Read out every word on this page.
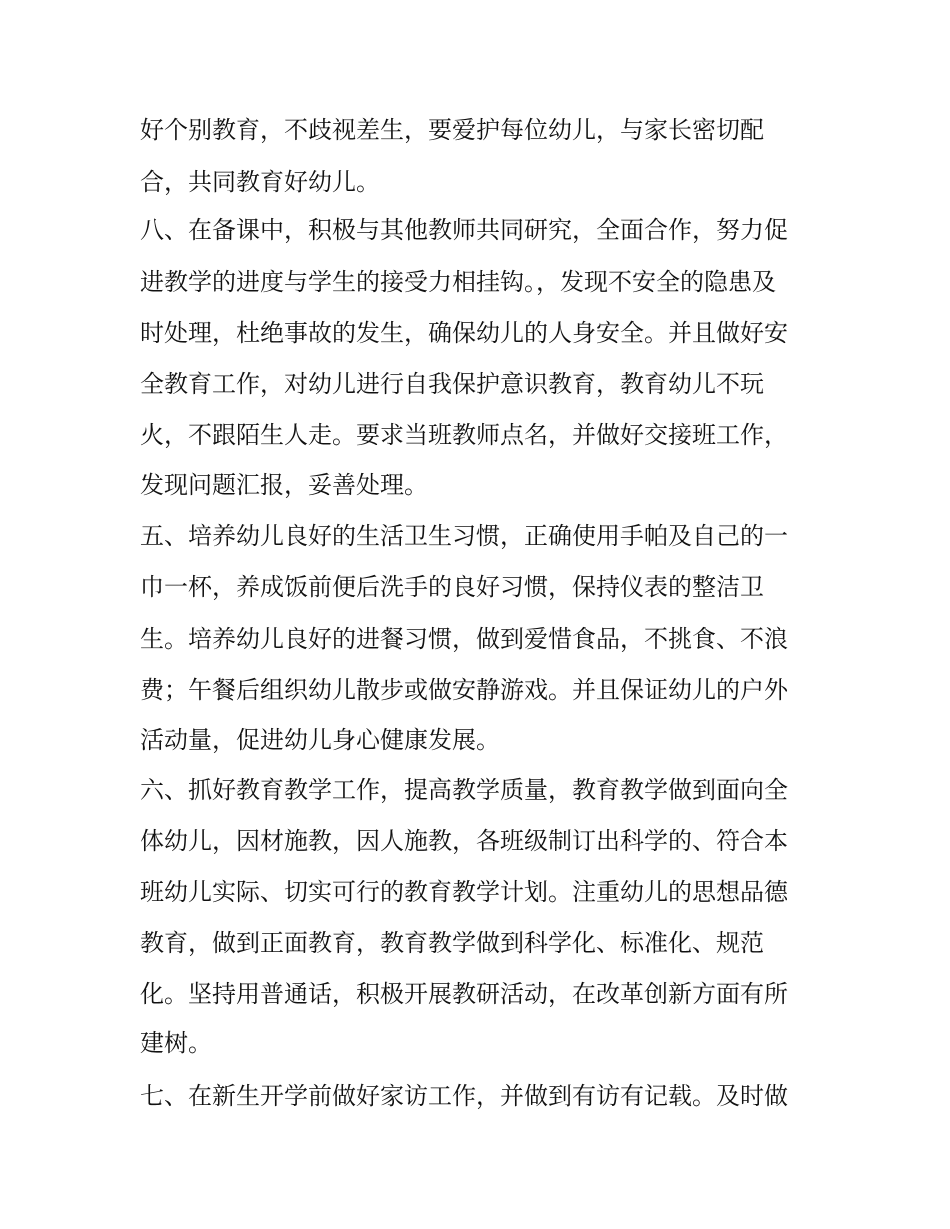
好个别教育，不歧视差生，要爱护每位幼儿，与家长密切配
合，共同教育好幼儿。
八、在备课中，积极与其他教师共同研究，全面合作，努力促
进教学的进度与学生的接受力相挂钩。，发现不安全的隐患及
时处理，杜绝事故的发生，确保幼儿的人身安全。并且做好安
全教育工作，对幼儿进行自我保护意识教育，教育幼儿不玩
火，不跟陌生人走。要求当班教师点名，并做好交接班工作，
发现问题汇报，妥善处理。
五、培养幼儿良好的生活卫生习惯，正确使用手帕及自己的一
巾一杯，养成饭前便后洗手的良好习惯，保持仪表的整洁卫
生。培养幼儿良好的进餐习惯，做到爱惜食品，不挑食、不浪
费；午餐后组织幼儿散步或做安静游戏。并且保证幼儿的户外
活动量，促进幼儿身心健康发展。
六、抓好教育教学工作，提高教学质量，教育教学做到面向全
体幼儿，因材施教，因人施教，各班级制订出科学的、符合本
班幼儿实际、切实可行的教育教学计划。注重幼儿的思想品德
教育，做到正面教育，教育教学做到科学化、标准化、规范
化。坚持用普通话，积极开展教研活动，在改革创新方面有所
建树。
七、在新生开学前做好家访工作，并做到有访有记载。及时做
